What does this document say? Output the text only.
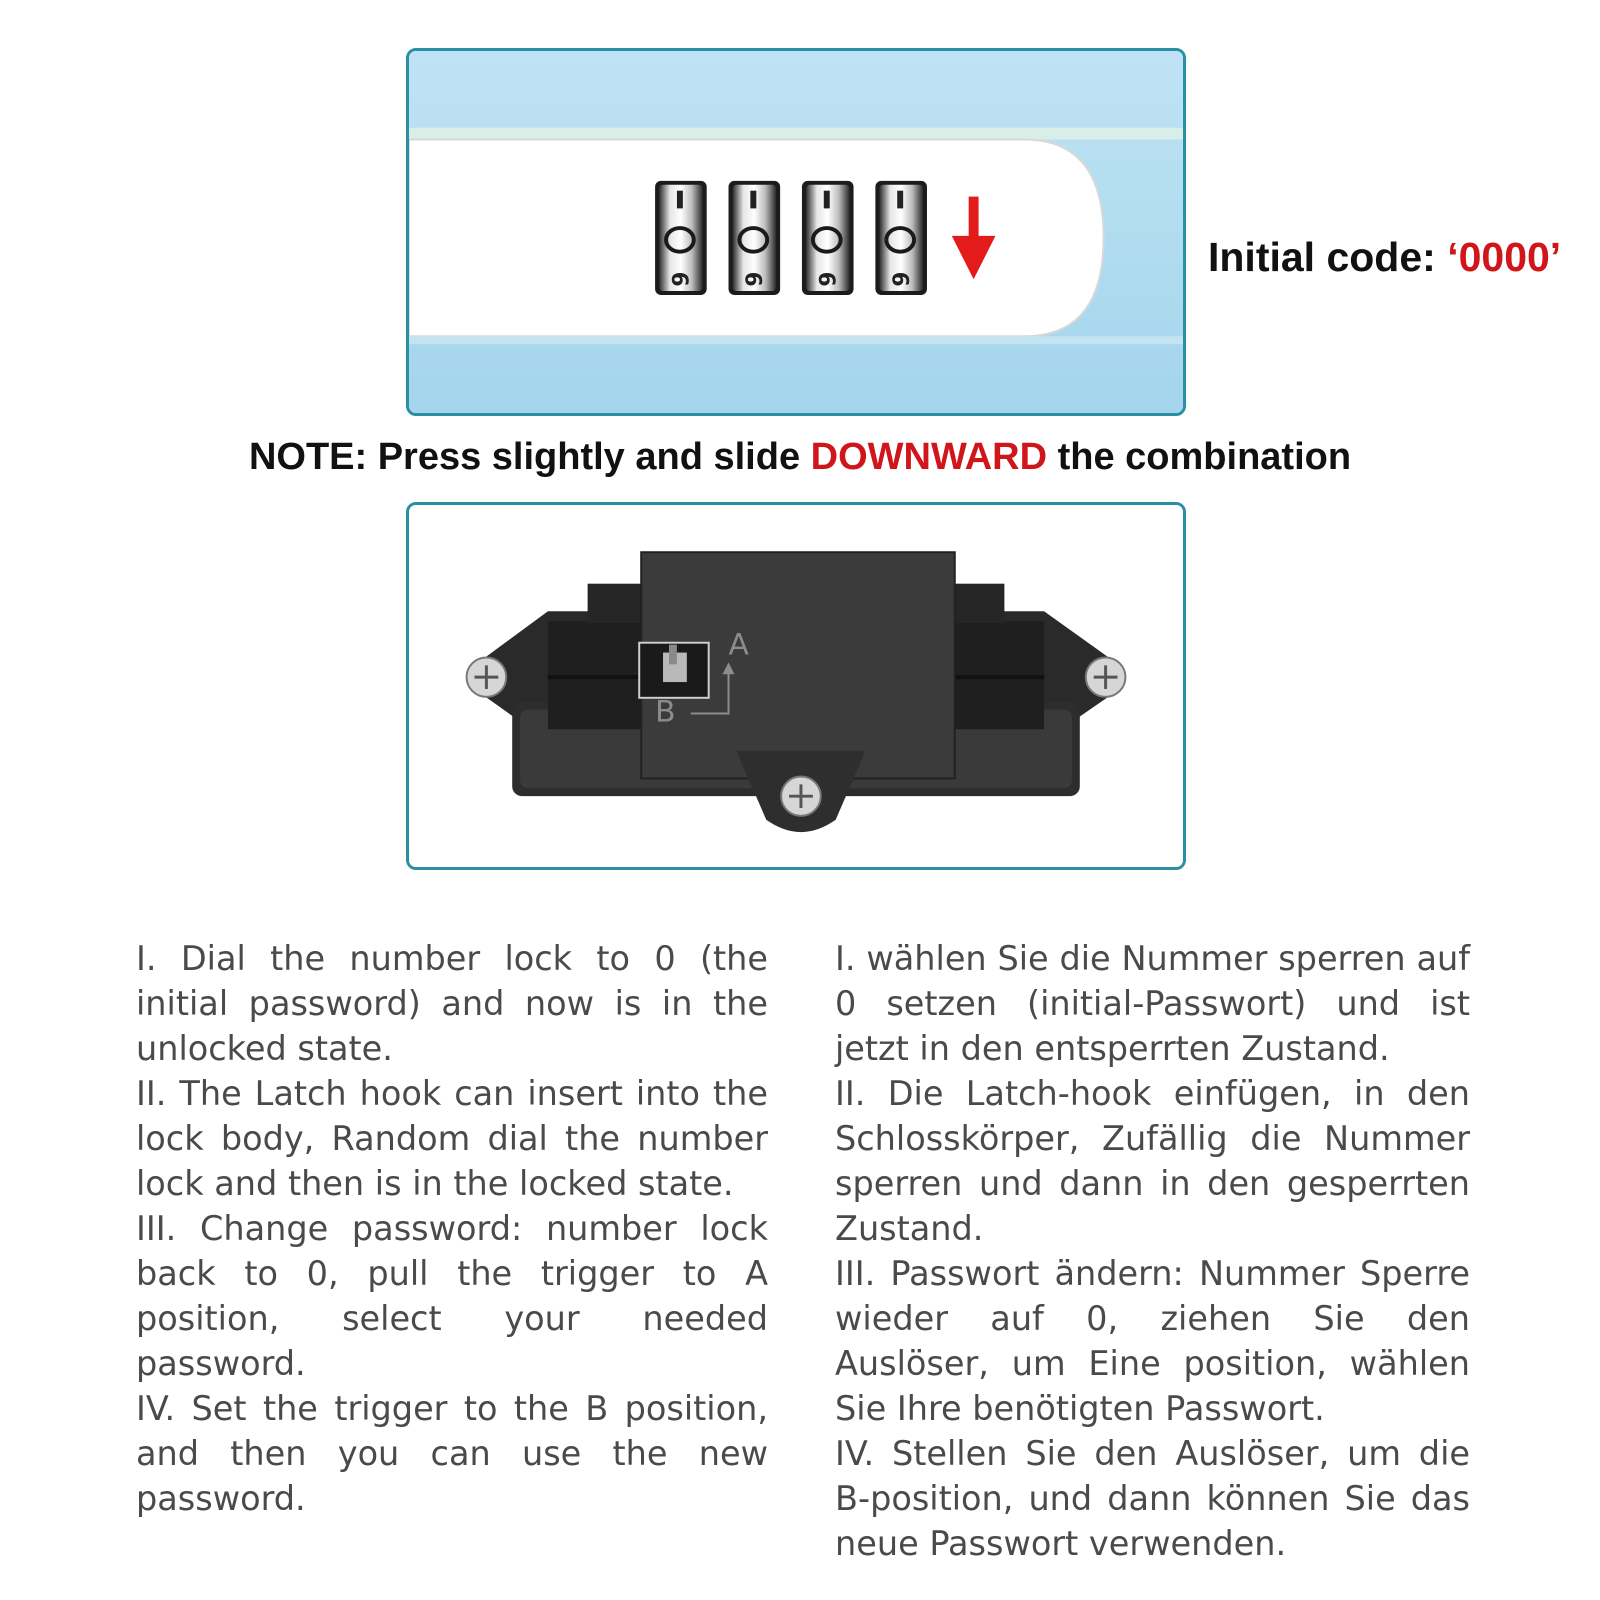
6 6 6 6	Initial code: ‘0000’
NOTE: Press slightly and slide DOWNWARD the combination
A
B

I. Dial the number lock to 0 (the initial password) and now is in the unlocked state.

II. The Latch hook can insert into the lock body, Random dial the number lock and then is in the locked state.

III. Change password: number lock back to 0, pull the trigger to A position, select your needed password.

IV. Set the trigger to the B position, and then you can use the new password.

I. wählen Sie die Nummer sperren auf 0 setzen (initial-Passwort) und ist jetzt in den entsperrten Zustand.

II. Die Latch-hook einfügen, in den Schlosskörper, Zufällig die Nummer sperren und dann in den gesperrten Zustand.

III. Passwort ändern: Nummer Sperre wieder auf 0, ziehen Sie den Auslöser, um Eine position, wählen Sie Ihre benötigten Passwort.

IV. Stellen Sie den Auslöser, um die B-position, und dann können Sie das neue Passwort verwenden.
